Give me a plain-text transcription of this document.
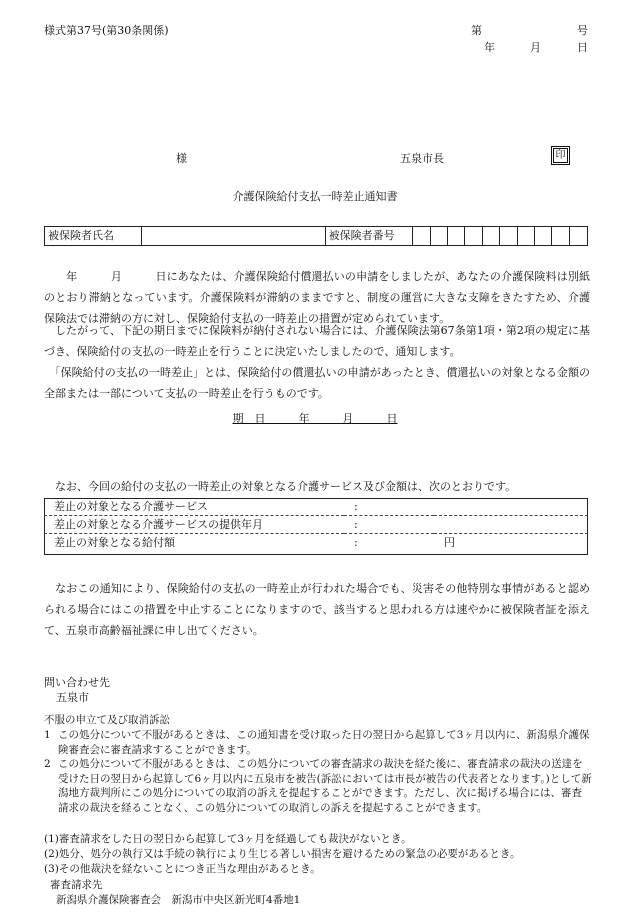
様式第37号(第30条関係)	第	号
年	月	日
様	五泉市長	印
介護保険給付支払一時差止通知書
被保険者氏名		被保険者番号										
　　年　　　月　　　日にあなたは、介護保険給付償還払いの申請をしましたが、あなたの介護保険料は別紙のとおり滞納となっています。介護保険料が滞納のままですと、制度の運営に大きな支障をきたすため、介護保険法では滞納の方に対し、保険給付支払の一時差止の措置が定められています。
　したがって、下記の期日までに保険料が納付されない場合には、介護保険法第67条第1項・第2項の規定に基づき、保険給付の支払の一時差止を行うことに決定いたしましたので、通知します。
　「保険給付の支払の一時差止」とは、保険給付の償還払いの申請があったとき、償還払いの対象となる金額の全部または一部について支払の一時差止を行うものです。
期　日　　　年　　　月　　　日
　なお、今回の給付の支払の一時差止の対象となる介護サービス及び金額は、次のとおりです。
差止の対象となる介護サービス	:	
差止の対象となる介護サービスの提供年月	:	
差止の対象となる給付額	:	円
　なおこの通知により、保険給付の支払の一時差止が行われた場合でも、災害その他特別な事情があると認められる場合にはこの措置を中止することになりますので、該当すると思われる方は速やかに被保険者証を添えて、五泉市高齢福祉課に申し出てください。
問い合わせ先
五泉市
不服の申立て及び取消訴訟
1 この処分について不服があるときは、この通知書を受け取った日の翌日から起算して3ヶ月以内に、新潟県介護保険審査会に審査請求することができます。
2 この処分について不服があるときは、この処分についての審査請求の裁決を経た後に、審査請求の裁決の送達を受けた日の翌日から起算して6ヶ月以内に五泉市を被告(訴訟においては市長が被告の代表者となります。)として新潟地方裁判所にこの処分についての取消の訴えを提起することができます。ただし、次に掲げる場合には、審査請求の裁決を経ることなく、この処分についての取消しの訴えを提起することができます。
(1)審査請求をした日の翌日から起算して3ヶ月を経過しても裁決がないとき。
(2)処分、処分の執行又は手続の執行により生じる著しい損害を避けるための緊急の必要があるとき。
(3)その他裁決を経ないことにつき正当な理由があるとき。
審査請求先
新潟県介護保険審査会　新潟市中央区新光町4番地1
